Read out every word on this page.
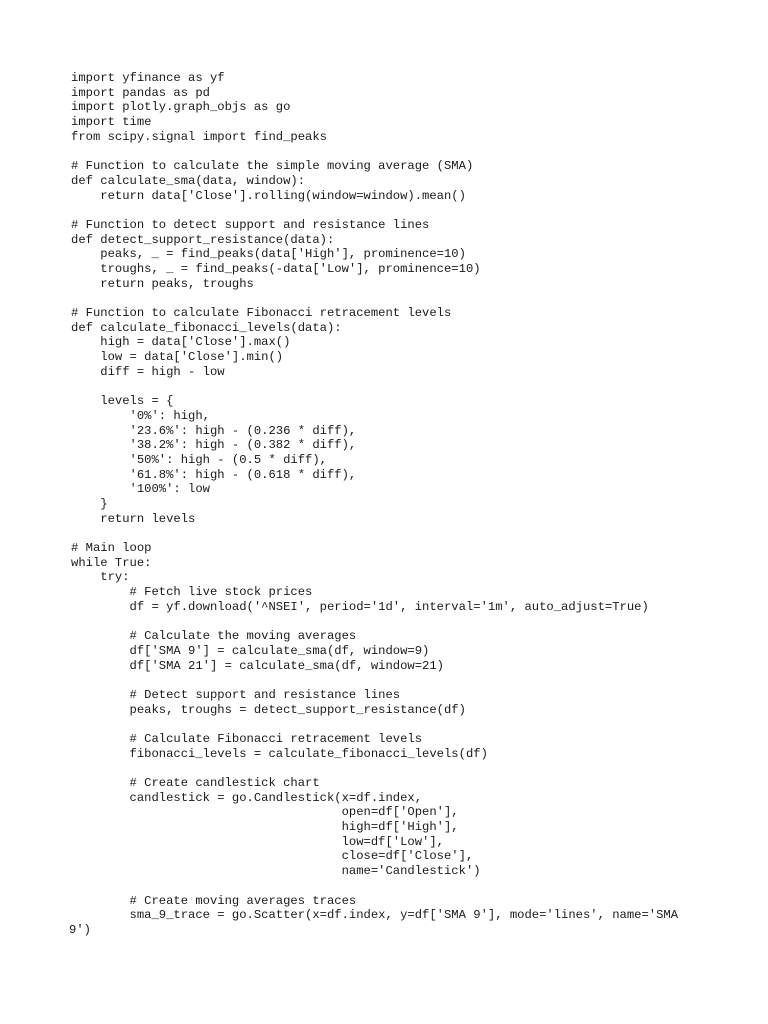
import yfinance as yf
import pandas as pd
import plotly.graph_objs as go
import time
from scipy.signal import find_peaks
# Function to calculate the simple moving average (SMA)
def calculate_sma(data, window):
return data['Close'].rolling(window=window).mean()
# Function to detect support and resistance lines
def detect_support_resistance(data):
peaks, _ = find_peaks(data['High'], prominence=10)
troughs, _ = find_peaks(-data['Low'], prominence=10)
return peaks, troughs
# Function to calculate Fibonacci retracement levels
def calculate_fibonacci_levels(data):
high = data['Close'].max()
low = data['Close'].min()
diff = high - low
levels = {
'0%': high,
'23.6%': high - (0.236 * diff),
'38.2%': high - (0.382 * diff),
'50%': high - (0.5 * diff),
'61.8%': high - (0.618 * diff),
'100%': low
}
return levels
# Main loop
while True:
try:
# Fetch live stock prices
df = yf.download('^NSEI', period='1d', interval='1m', auto_adjust=True)
# Calculate the moving averages
df['SMA 9'] = calculate_sma(df, window=9)
df['SMA 21'] = calculate_sma(df, window=21)
# Detect support and resistance lines
peaks, troughs = detect_support_resistance(df)
# Calculate Fibonacci retracement levels
fibonacci_levels = calculate_fibonacci_levels(df)
# Create candlestick chart
candlestick = go.Candlestick(x=df.index,
open=df['Open'],
high=df['High'],
low=df['Low'],
close=df['Close'],
name='Candlestick')
# Create moving averages traces
sma_9_trace = go.Scatter(x=df.index, y=df['SMA 9'], mode='lines', name='SMA
9')
